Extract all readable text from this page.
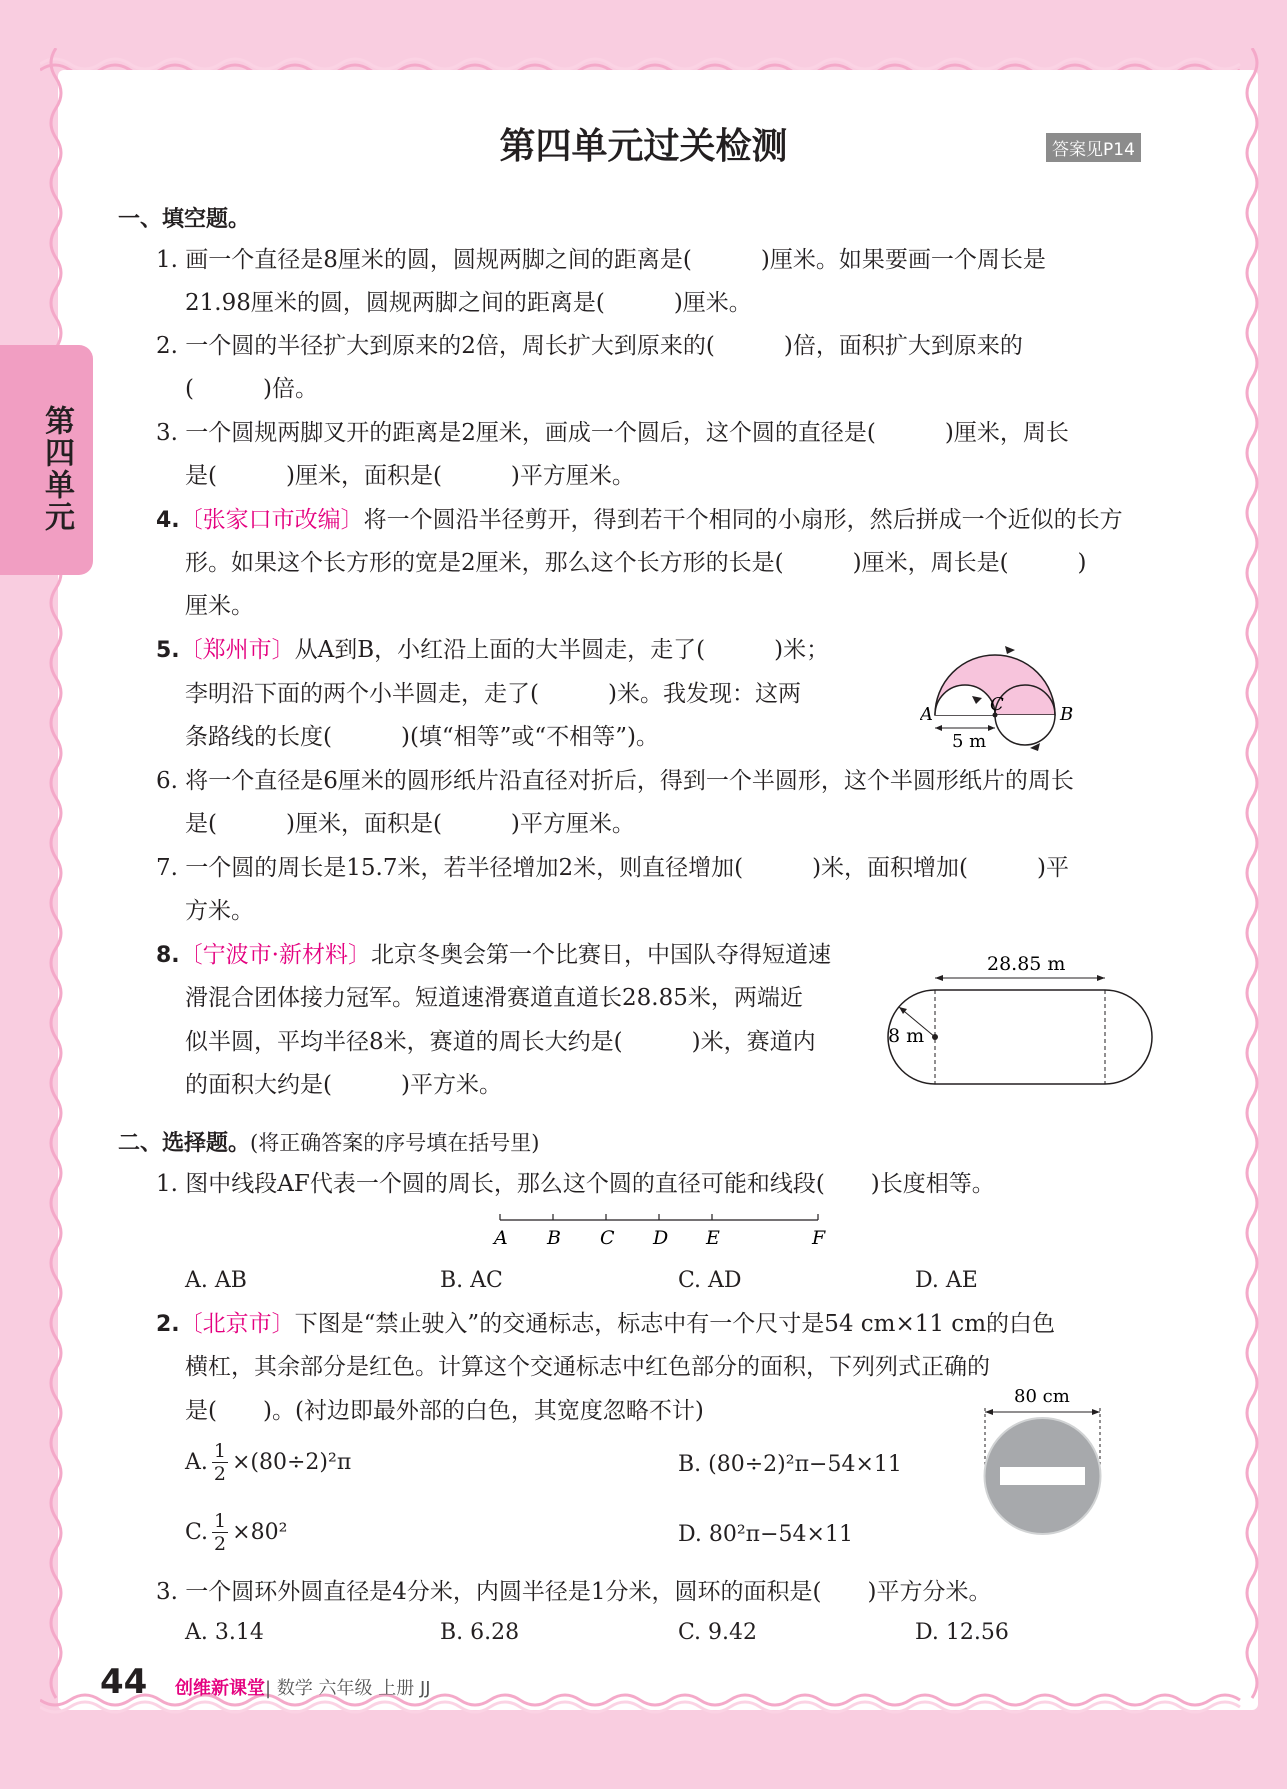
第四单元
第四单元过关检测	答案见P14
一、填空题。
1. 画一个直径是8厘米的圆，圆规两脚之间的距离是(　　　)厘米。如果要画一个周长是
21.98厘米的圆，圆规两脚之间的距离是(　　　)厘米。
2. 一个圆的半径扩大到原来的2倍，周长扩大到原来的(　　　)倍，面积扩大到原来的
(　　　)倍。
3. 一个圆规两脚叉开的距离是2厘米，画成一个圆后，这个圆的直径是(　　　)厘米，周长
是(　　　)厘米，面积是(　　　)平方厘米。
4.〔张家口市改编〕将一个圆沿半径剪开，得到若干个相同的小扇形，然后拼成一个近似的长方
形。如果这个长方形的宽是2厘米，那么这个长方形的长是(　　　)厘米，周长是(　　　)
厘米。
5.〔郑州市〕从A到B，小红沿上面的大半圆走，走了(　　　)米；
李明沿下面的两个小半圆走，走了(　　　)米。我发现：这两
条路线的长度(　　　)(填“相等”或“不相等”)。
A	B
C
5 m
6. 将一个直径是6厘米的圆形纸片沿直径对折后，得到一个半圆形，这个半圆形纸片的周长
是(　　　)厘米，面积是(　　　)平方厘米。
7. 一个圆的周长是15.7米，若半径增加2米，则直径增加(　　　)米，面积增加(　　　)平
方米。
8.〔宁波市·新材料〕北京冬奥会第一个比赛日，中国队夺得短道速
滑混合团体接力冠军。短道速滑赛道直道长28.85米，两端近
似半圆，平均半径8米，赛道的周长大约是(　　　)米，赛道内
的面积大约是(　　　)平方米。
28.85 m
8 m
二、选择题。(将正确答案的序号填在括号里)
1. 图中线段AF代表一个圆的周长，那么这个圆的直径可能和线段(　　)长度相等。
A B C D E	F
A. AB	B. AC	C. AD	D. AE
2.〔北京市〕下图是“禁止驶入”的交通标志，标志中有一个尺寸是54 cm×11 cm的白色
横杠，其余部分是红色。计算这个交通标志中红色部分的面积，下列列式正确的
是(　　)。(衬边即最外部的白色，其宽度忽略不计)
A. $\frac{1}{2} \times(80\div 2)^2\pi$	B. (80÷2)²π−54×11
C. $\frac{1}{2} \times 80^2$	D. 80²π−54×11
80 cm
3. 一个圆环外圆直径是4分米，内圆半径是1分米，圆环的面积是(　　)平方分米。
A. 3.14	B. 6.28	C. 9.42	D. 12.56
44 创维新课堂| 数学 六年级 上册 JJ
